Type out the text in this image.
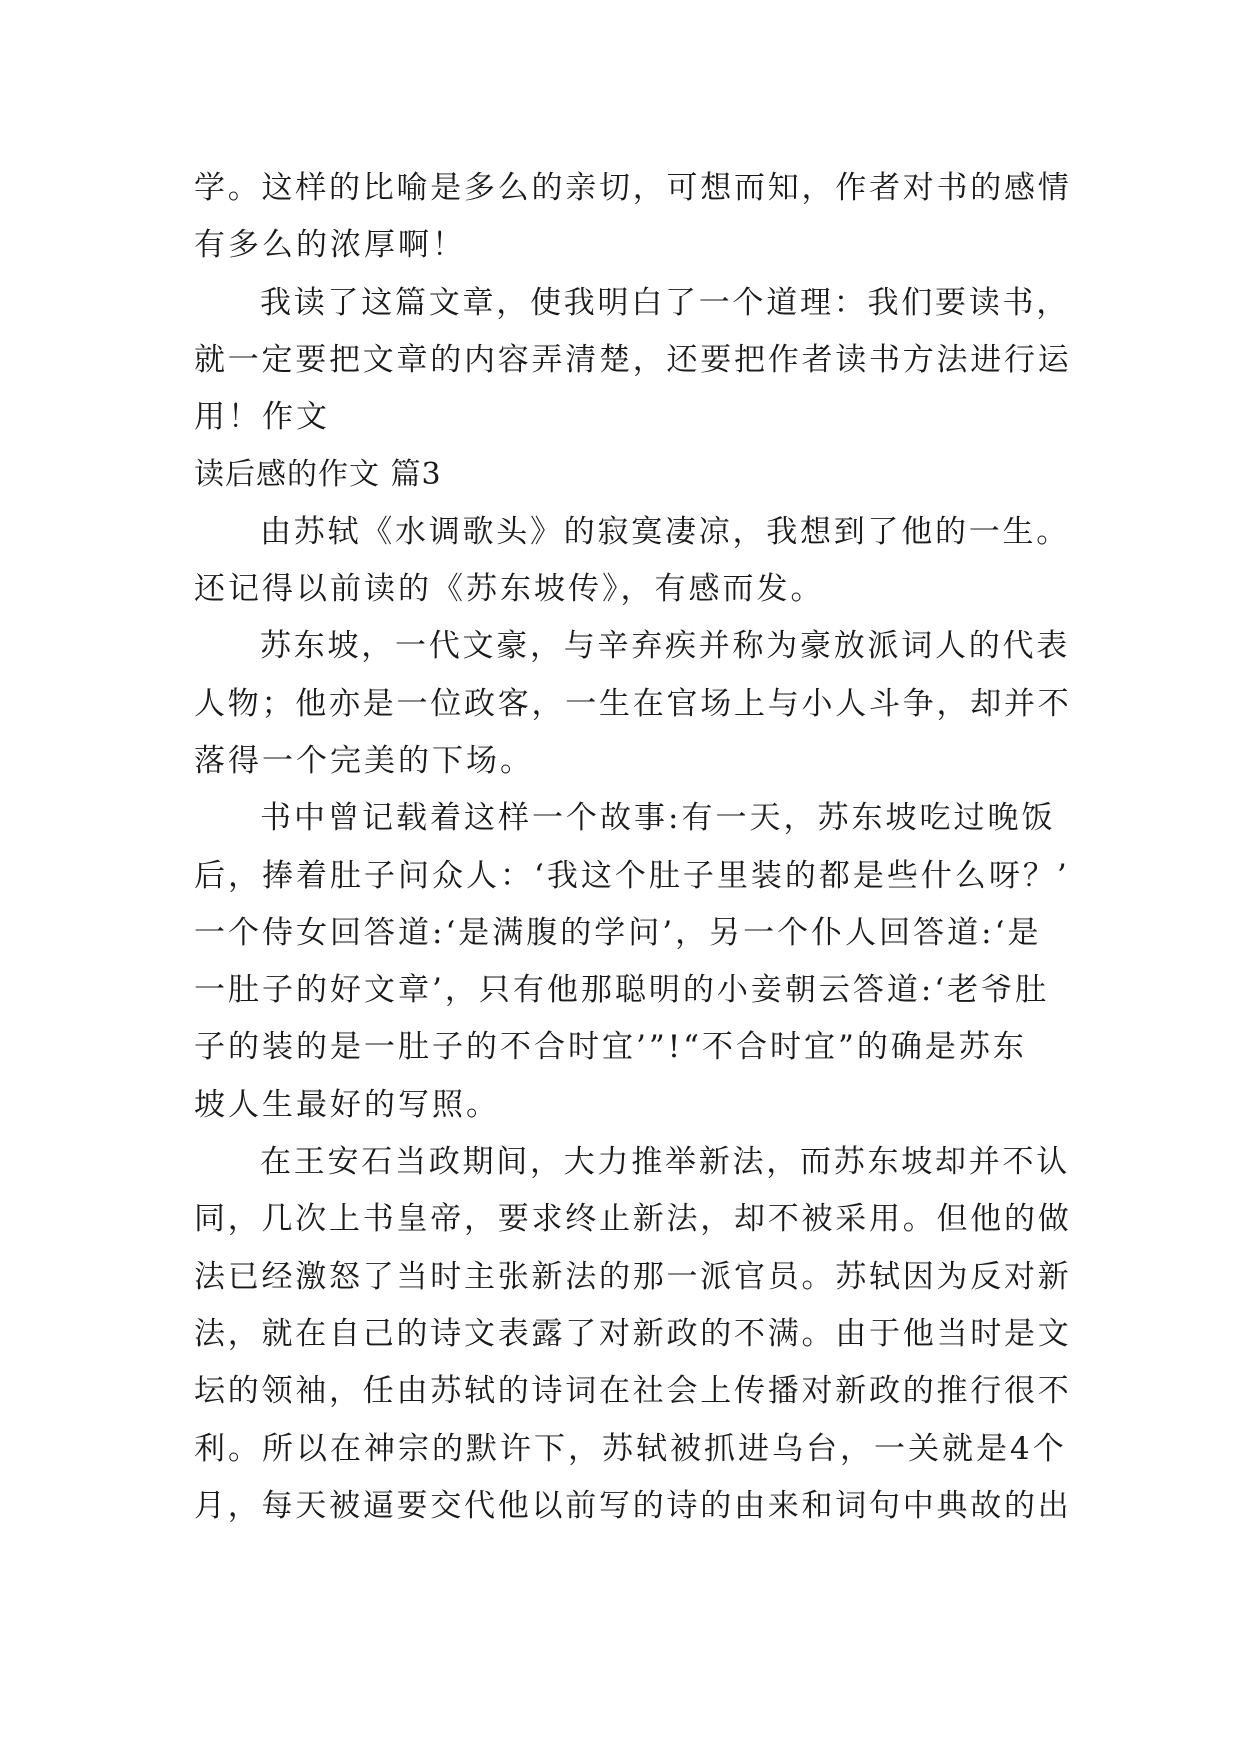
学。这样的比喻是多么的亲切，可想而知，作者对书的感情
有多么的浓厚啊！
我读了这篇文章，使我明白了一个道理：我们要读书，
就一定要把文章的内容弄清楚，还要把作者读书方法进行运
用！作文
读后感的作文 篇3
由苏轼《水调歌头》的寂寞凄凉，我想到了他的一生。
还记得以前读的《苏东坡传》，有感而发。
苏东坡，一代文豪，与辛弃疾并称为豪放派词人的代表
人物；他亦是一位政客，一生在官场上与小人斗争，却并不
落得一个完美的下场。
书中曾记载着这样一个故事:有一天，苏东坡吃过晚饭
后，捧着肚子问众人：‘我这个肚子里装的都是些什么呀？’
一个侍女回答道:‘是满腹的学问’，另一个仆人回答道:‘是
一肚子的好文章’，只有他那聪明的小妾朝云答道:‘老爷肚
子的装的是一肚子的不合时宜’”!“不合时宜”的确是苏东
坡人生最好的写照。
在王安石当政期间，大力推举新法，而苏东坡却并不认
同，几次上书皇帝，要求终止新法，却不被采用。但他的做
法已经激怒了当时主张新法的那一派官员。苏轼因为反对新
法，就在自己的诗文表露了对新政的不满。由于他当时是文
坛的领袖，任由苏轼的诗词在社会上传播对新政的推行很不
利。所以在神宗的默许下，苏轼被抓进乌台，一关就是4个
月，每天被逼要交代他以前写的诗的由来和词句中典故的出
